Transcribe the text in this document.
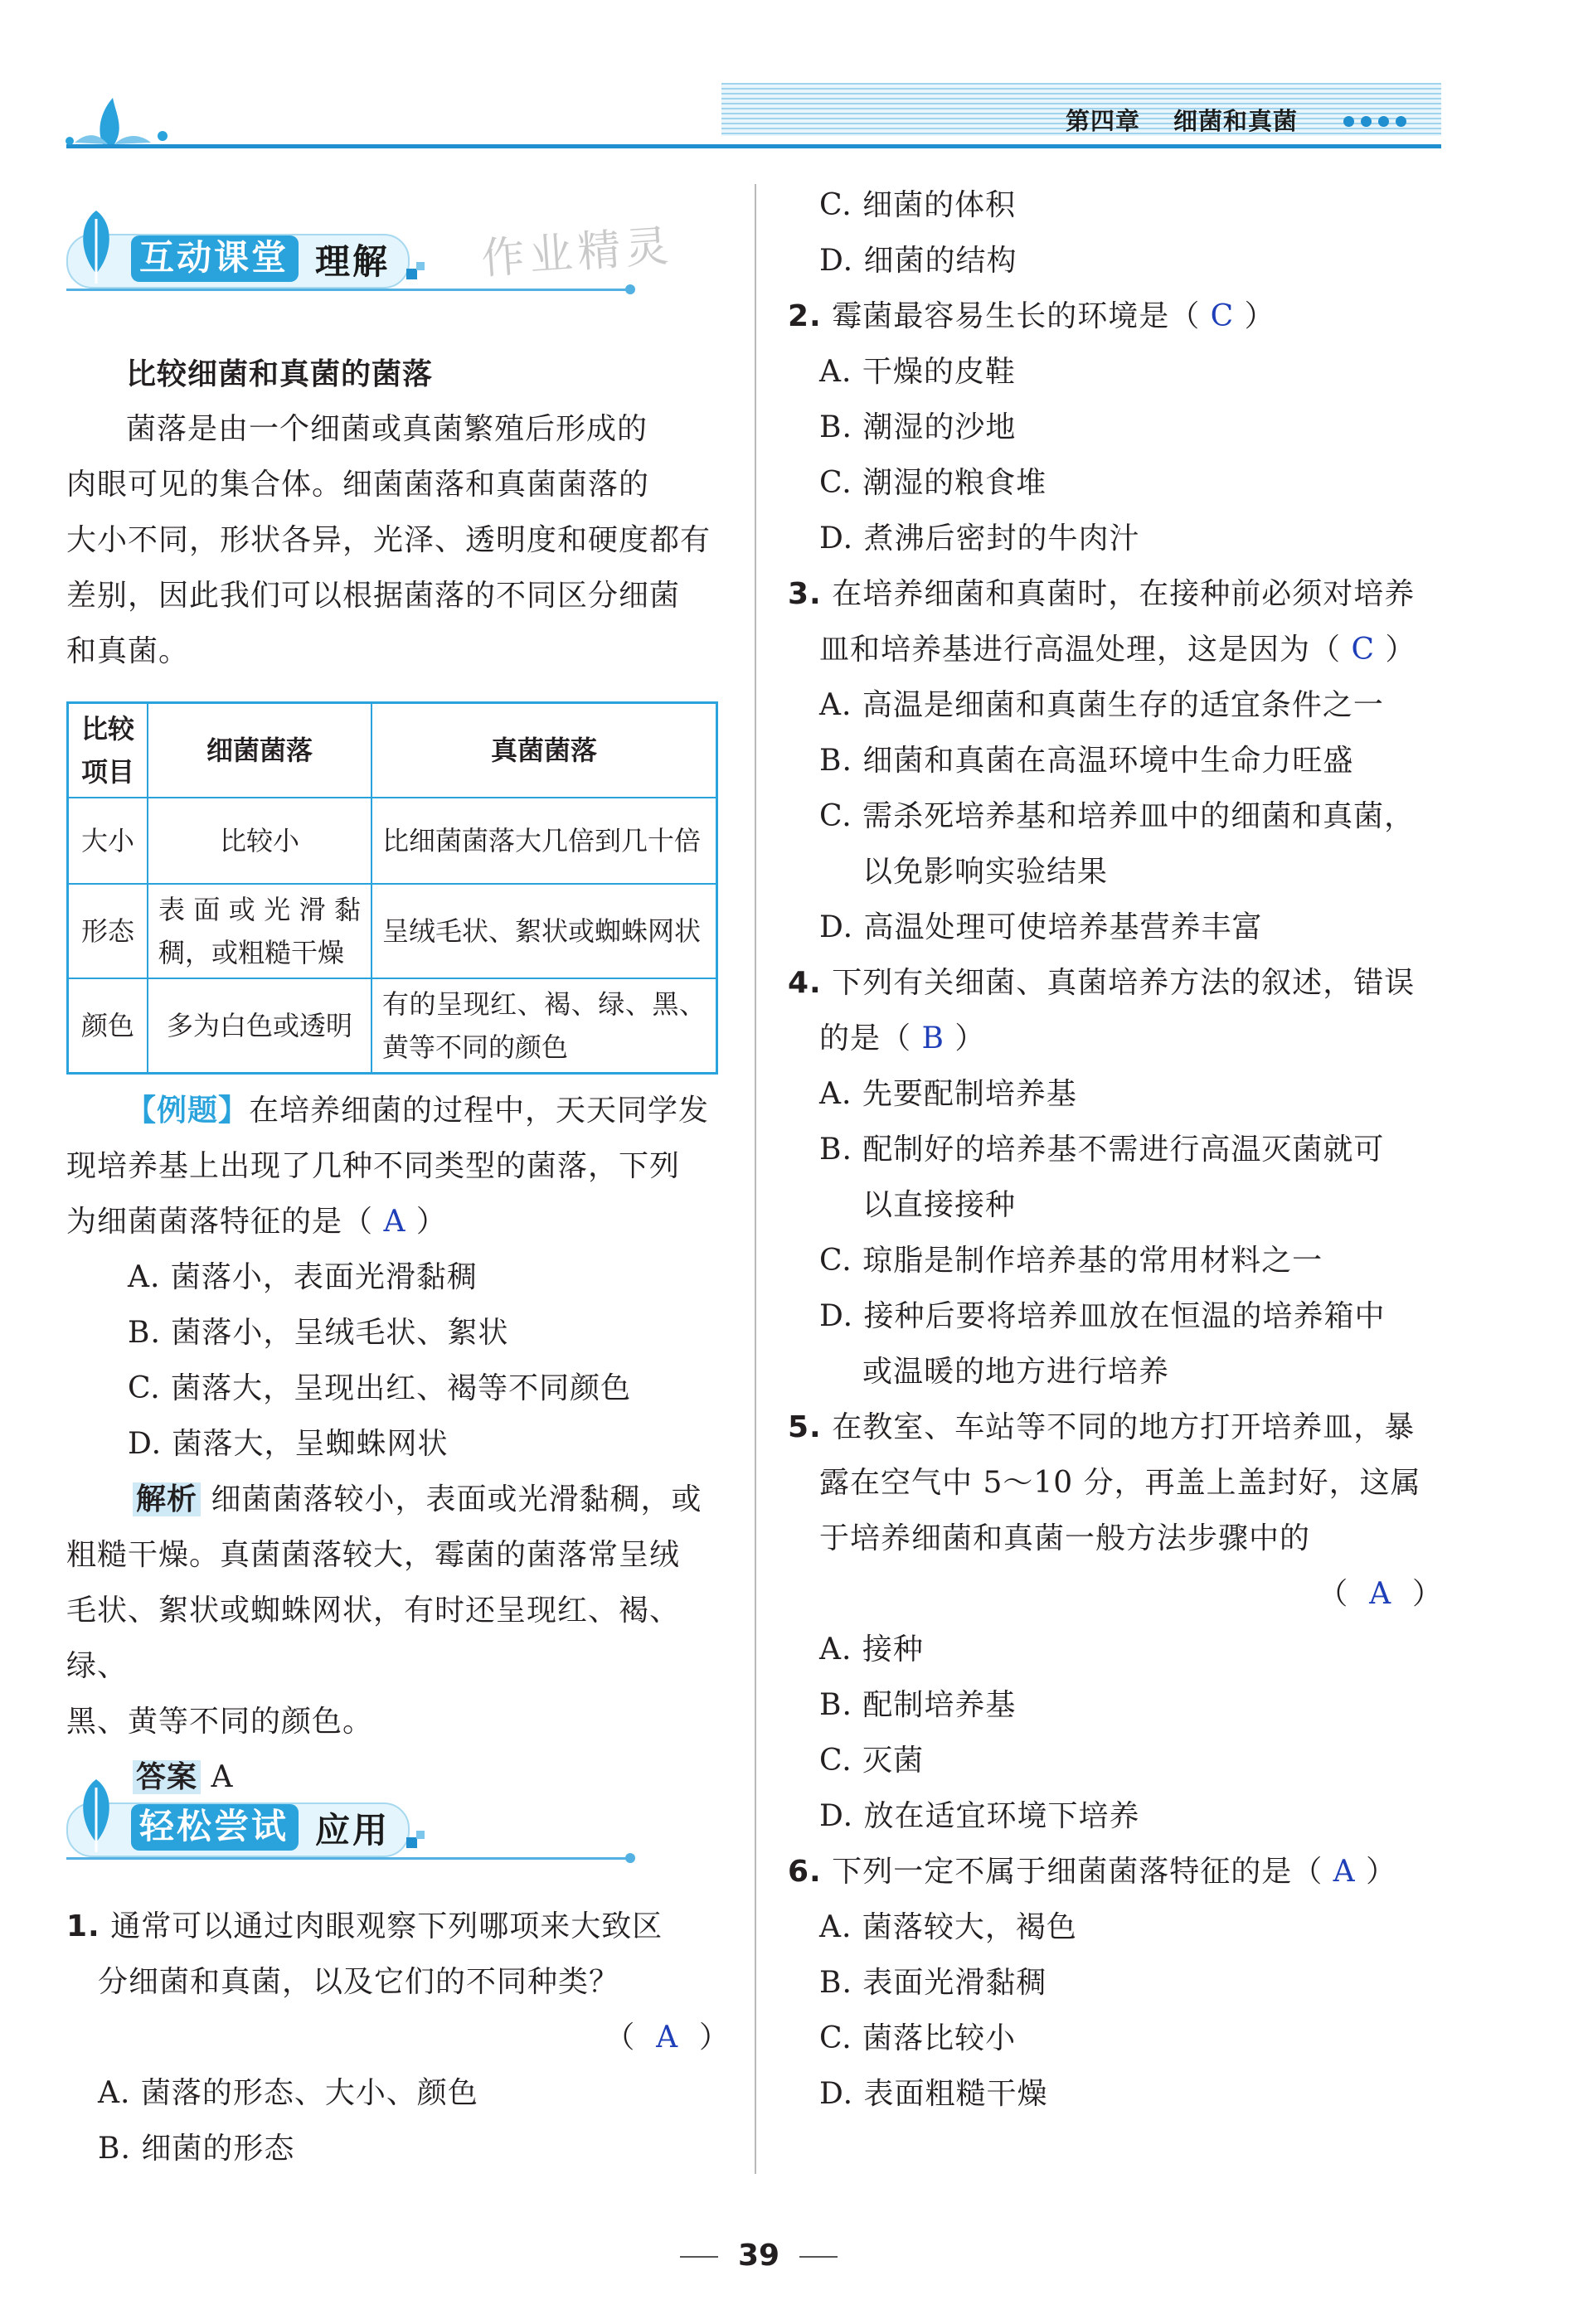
第四章 细菌和真菌
互动课堂 理解 作业精灵
比较细菌和真菌的菌落
菌落是由一个细菌或真菌繁殖后形成的
肉眼可见的集合体。细菌菌落和真菌菌落的
大小不同，形状各异，光泽、透明度和硬度都有
差别，因此我们可以根据菌落的不同区分细菌
和真菌。
比较项目	细菌菌落	真菌菌落
大小	比较小	比细菌菌落大几倍到几十倍
形态	表面或光滑黏稠，或粗糙干燥	呈绒毛状、絮状或蜘蛛网状
颜色	多为白色或透明	有的呈现红、褐、绿、黑、黄等不同的颜色
【例题】在培养细菌的过程中，天天同学发
现培养基上出现了几种不同类型的菌落，下列
为细菌菌落特征的是（ A ）
A. 菌落小，表面光滑黏稠
B. 菌落小，呈绒毛状、絮状
C. 菌落大，呈现出红、褐等不同颜色
D. 菌落大，呈蜘蛛网状
解析 细菌菌落较小，表面或光滑黏稠，或
粗糙干燥。真菌菌落较大，霉菌的菌落常呈绒
毛状、絮状或蜘蛛网状，有时还呈现红、褐、绿、
黑、黄等不同的颜色。
答案 A
轻松尝试 应用
1. 通常可以通过肉眼观察下列哪项来大致区
分细菌和真菌，以及它们的不同种类？
（  A  ）
A. 菌落的形态、大小、颜色
B. 细菌的形态
C. 细菌的体积
D. 细菌的结构
2. 霉菌最容易生长的环境是（ C ）
A. 干燥的皮鞋
B. 潮湿的沙地
C. 潮湿的粮食堆
D. 煮沸后密封的牛肉汁
3. 在培养细菌和真菌时，在接种前必须对培养
皿和培养基进行高温处理，这是因为（ C ）
A. 高温是细菌和真菌生存的适宜条件之一
B. 细菌和真菌在高温环境中生命力旺盛
C. 需杀死培养基和培养皿中的细菌和真菌，
以免影响实验结果
D. 高温处理可使培养基营养丰富
4. 下列有关细菌、真菌培养方法的叙述，错误
的是（ B ）
A. 先要配制培养基
B. 配制好的培养基不需进行高温灭菌就可
以直接接种
C. 琼脂是制作培养基的常用材料之一
D. 接种后要将培养皿放在恒温的培养箱中
或温暖的地方进行培养
5. 在教室、车站等不同的地方打开培养皿，暴
露在空气中 5～10 分，再盖上盖封好，这属
于培养细菌和真菌一般方法步骤中的
（  A  ）
A. 接种
B. 配制培养基
C. 灭菌
D. 放在适宜环境下培养
6. 下列一定不属于细菌菌落特征的是（ A ）
A. 菌落较大，褐色
B. 表面光滑黏稠
C. 菌落比较小
D. 表面粗糙干燥
39
